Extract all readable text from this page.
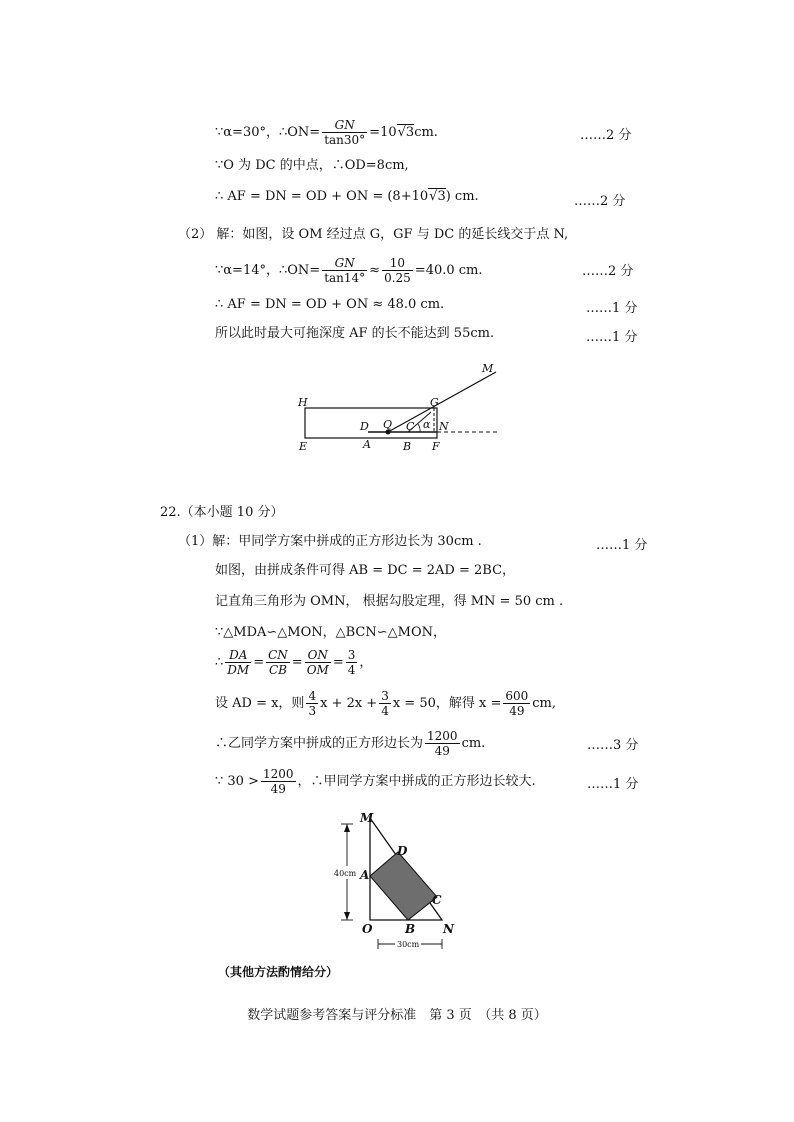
∵α=30°，∴ON= $\frac{GN}{\tan 30^\circ} =10√3cm$.	……2 分
∵O 为 DC 的中点，∴OD=8cm,
∴ AF = DN = OD + ON = (8+10√3) cm.	……2 分
（2） 解：如图，设 OM 经过点 G，GF 与 DC 的延长线交于点 N,
∵α=14°，∴ON= $\frac{GN}{\tan 14^\circ} \approx \frac{10}{0.25} =40.0$ cm.	……2 分
∴ AF = DN = OD + ON ≈ 48.0 cm.	……1 分
所以此时最大可拖深度 AF 的长不能达到 55cm.	……1 分
M
H	G
D Q C α N
E	A	B F
22.（本小题 10 分）
（1）解：甲同学方案中拼成的正方形边长为 30cm .	……1 分
如图，由拼成条件可得 AB = DC = 2AD = 2BC，
记直角三角形为 OMN， 根据勾股定理，得 MN = 50 cm .
∵△MDA∽△MON，△BCN∽△MON，
∴ $\frac{DA}{DM} = \frac{CN}{CB} = \frac{ON}{OM} = \frac{3}{4}$ ，
设 AD = x，则 $\frac{4}{3}$ $x + 2x + \frac{3}{4}$ x = 50，解得 $x = \frac{600}{49}$ cm,
∴乙同学方案中拼成的正方形边长为 $\frac{1200}{49}$ cm.	……3 分
∵ $30 > \frac{1200}{49}$ ，∴甲同学方案中拼成的正方形边长较大.	……1 分
40cm
30cm
M
D
A
C
O	B N
（其他方法酌情给分）
数学试题参考答案与评分标准　第 3 页　（共 8 页）
